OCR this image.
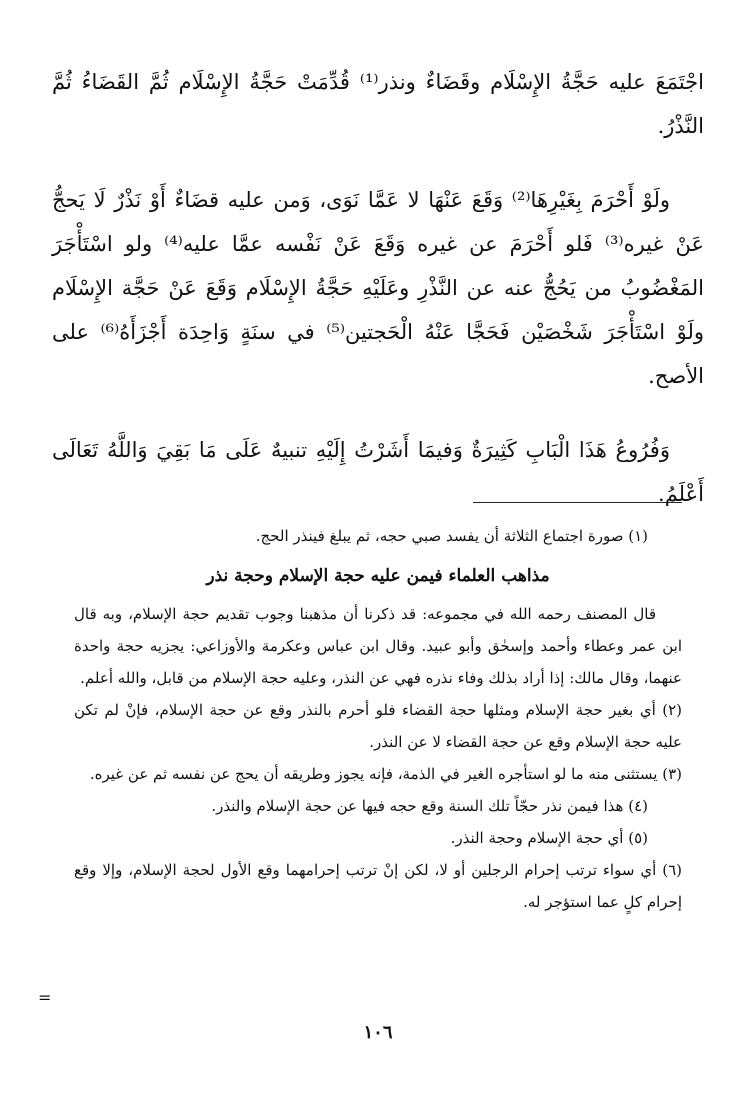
اجْتَمَعَ عليه حَجَّةُ الإِسْلَام وقَضَاءٌ ونذر⁽¹⁾ قُدِّمَتْ حَجَّةُ الإِسْلَام ثُمَّ القَضَاءُ ثُمَّ النَّذْرُ.

ولَوْ أَحْرَمَ بِغَيْرِهَا⁽²⁾ وَقَعَ عَنْهَا لا عَمَّا نَوَى، وَمن عليه قضَاءٌ أَوْ نَذْرٌ لَا يَحجُّ عَنْ غيره⁽³⁾ فَلو أَحْرَمَ عن غيره وَقَعَ عَنْ نَفْسه عمَّا عليه⁽⁴⁾ ولو اسْتَأْجَرَ المَغْضُوبُ من يَحُجُّ عنه عن النَّذْرِ وعَلَيْهِ حَجَّةُ الإِسْلَام وَقَعَ عَنْ حَجَّة الإِسْلَام ولَوْ اسْتَأْجَرَ شَخْصَيْن فَحَجَّا عَنْهُ الْحَجتين⁽⁵⁾ في سنَةٍ وَاحِدَة أَجْزَأَهُ⁽⁶⁾ على الأصح.

وَفُرُوعُ هَذَا الْبَابِ كَثِيرَةٌ وَفيمَا أَشَرْتُ إِلَيْهِ تنبيهٌ عَلَى مَا بَقِيَ وَاللَّهُ تَعَالَى أَعْلَمُ.

(١) صورة اجتماع الثلاثة أن يفسد صبي حجه، ثم يبلغ فينذر الحج.

مذاهب العلماء فيمن عليه حجة الإسلام وحجة نذر

قال المصنف رحمه الله في مجموعه: قد ذكرنا أن مذهبنا وجوب تقديم حجة الإسلام، وبه قال ابن عمر وعطاء وأحمد وإسحٰق وأبو عبيد. وقال ابن عباس وعكرمة والأوزاعي: يجزيه حجة واحدة عنهما، وقال مالك: إذا أراد بذلك وفاء نذره فهي عن النذر، وعليه حجة الإسلام من قابل، والله أعلم.

(٢) أي بغير حجة الإسلام ومثلها حجة القضاء فلو أحرم بالنذر وقع عن حجة الإسلام، فإنْ لم تكن عليه حجة الإسلام وقع عن حجة القضاء لا عن النذر.

(٣) يستثنى منه ما لو استأجره الغير في الذمة، فإنه يجوز وطريقه أن يحج عن نفسه ثم عن غيره.

(٤) هذا فيمن نذر حجّاً تلك السنة وقع حجه فيها عن حجة الإسلام والنذر.

(٥) أي حجة الإسلام وحجة النذر.

(٦) أي سواء ترتب إحرام الرجلين أو لا، لكن إنْ ترتب إحرامهما وقع الأول لحجة الإسلام، وإلا وقع إحرام كلٍ عما استؤجر له.

=
١٠٦
